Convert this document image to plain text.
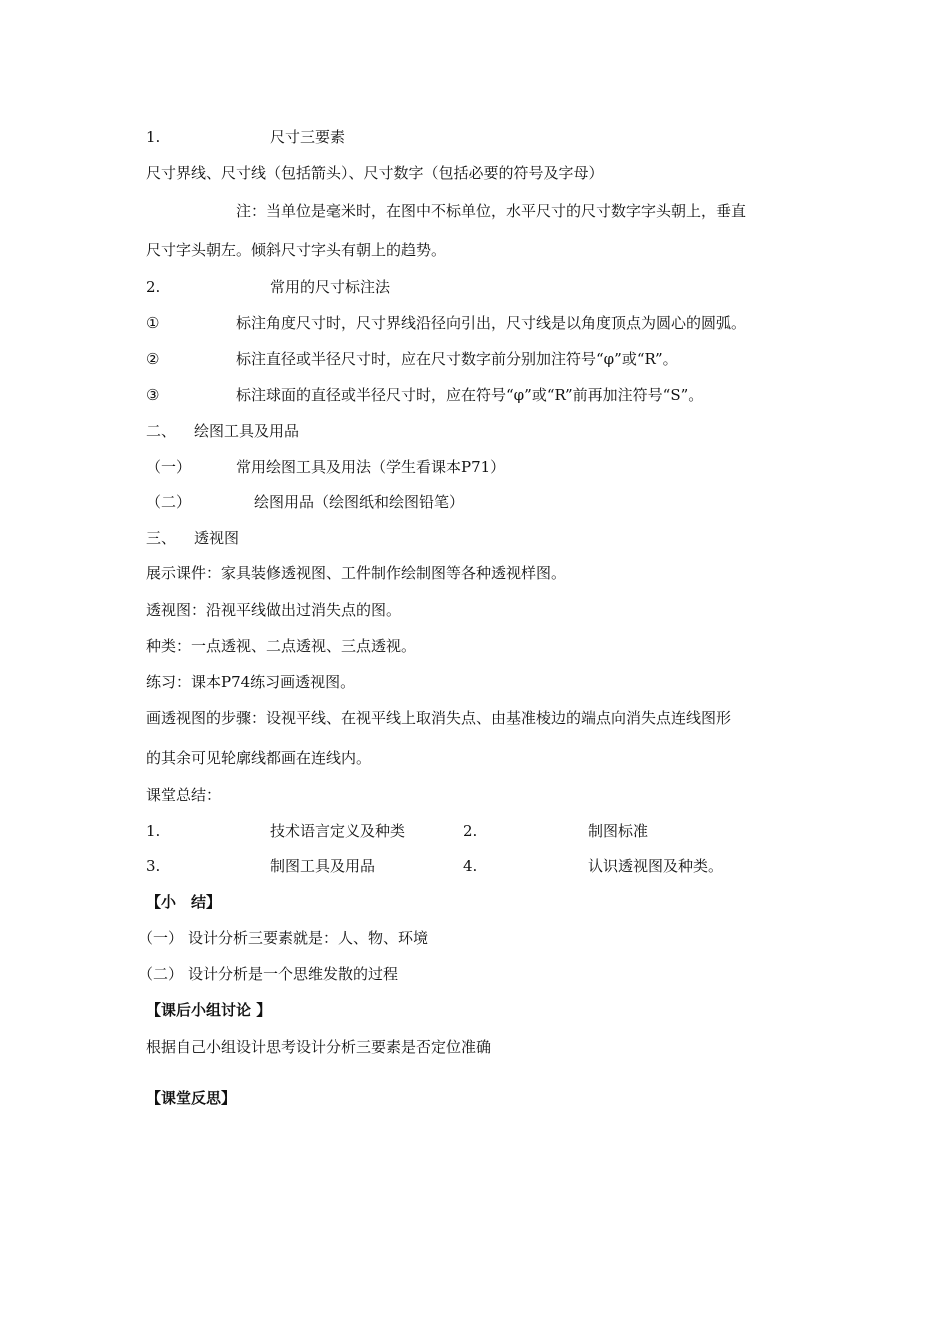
1.	尺寸三要素
尺寸界线、尺寸线（包括箭头）、尺寸数字（包括必要的符号及字母）
注：当单位是毫米时，在图中不标单位，水平尺寸的尺寸数字字头朝上，垂直
尺寸字头朝左。倾斜尺寸字头有朝上的趋势。
2.	常用的尺寸标注法
①	标注角度尺寸时，尺寸界线沿径向引出，尺寸线是以角度顶点为圆心的圆弧。
②	标注直径或半径尺寸时，应在尺寸数字前分别加注符号“φ”或“R”。
③	标注球面的直径或半径尺寸时，应在符号“φ”或“R”前再加注符号“S”。
二、 绘图工具及用品
（一）	常用绘图工具及用法（学生看课本P71）
（二）	绘图用品（绘图纸和绘图铅笔）
三、 透视图
展示课件：家具装修透视图、工件制作绘制图等各种透视样图。
透视图：沿视平线做出过消失点的图。
种类：一点透视、二点透视、三点透视。
练习：课本P74练习画透视图。
画透视图的步骤：设视平线、在视平线上取消失点、由基准棱边的端点向消失点连线图形
的其余可见轮廓线都画在连线内。
课堂总结：
1.	技术语言定义及种类	2.	制图标准
3.	制图工具及用品	4.	认识透视图及种类。
【小　结】
（一） 设计分析三要素就是：人、物、环境
（二） 设计分析是一个思维发散的过程
【课后小组讨论 】
根据自己小组设计思考设计分析三要素是否定位准确
【课堂反思】
